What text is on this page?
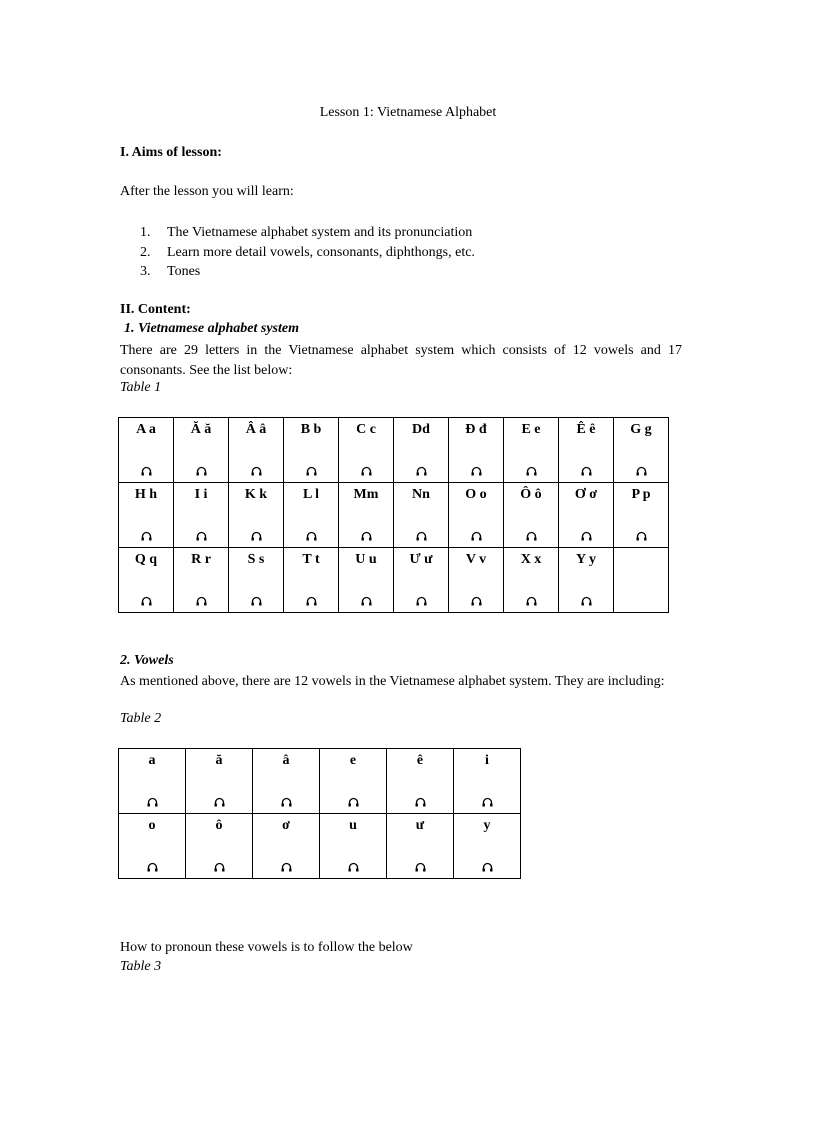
Lesson 1: Vietnamese Alphabet
I. Aims of lesson:
After the lesson you will learn:
1.	The Vietnamese alphabet system and its pronunciation
2.	Learn more detail vowels, consonants, diphthongs, etc.
3.	Tones
II. Content:
1. Vietnamese alphabet system
There are 29 letters in the Vietnamese alphabet system which consists of 12 vowels and 17 consonants. See the list below:
Table 1
A a	Ă ă	Â â	B b	C c	Dd	Đ đ	E e	Ê ê	G g

H h	I i	K k	L l	Mm	Nn	O o	Ô ô	Ơ ơ	P p

Q q	R r	S s	T t	U u	Ư ư	V v	X x	Y y	

2. Vowels
As mentioned above, there are 12 vowels in the Vietnamese alphabet system. They are including:
Table 2
a	ă	â	e	ê	i

o	ô	ơ	u	ư	y
How to pronoun these vowels is to follow the below
Table 3
